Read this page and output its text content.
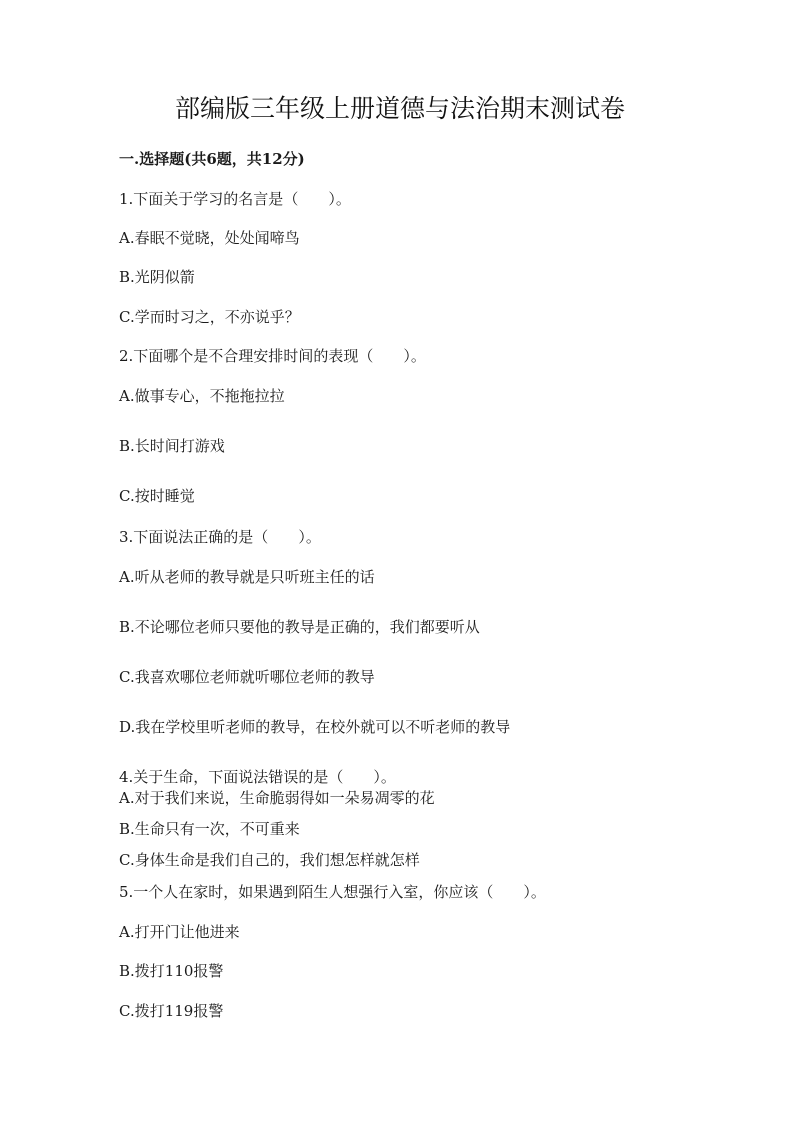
部编版三年级上册道德与法治期末测试卷
一.选择题(共6题，共12分)
1.下面关于学习的名言是（　　）。
A.春眠不觉晓，处处闻啼鸟
B.光阴似箭
C.学而时习之，不亦说乎？
2.下面哪个是不合理安排时间的表现（　　）。
A.做事专心，不拖拖拉拉
B.长时间打游戏
C.按时睡觉
3.下面说法正确的是（　　）。
A.听从老师的教导就是只听班主任的话
B.不论哪位老师只要他的教导是正确的，我们都要听从
C.我喜欢哪位老师就听哪位老师的教导
D.我在学校里听老师的教导，在校外就可以不听老师的教导
4.关于生命，下面说法错误的是（　　）。
A.对于我们来说，生命脆弱得如一朵易凋零的花
B.生命只有一次，不可重来
C.身体生命是我们自己的，我们想怎样就怎样
5.一个人在家时，如果遇到陌生人想强行入室，你应该（　　）。
A.打开门让他进来
B.拨打110报警
C.拨打119报警
